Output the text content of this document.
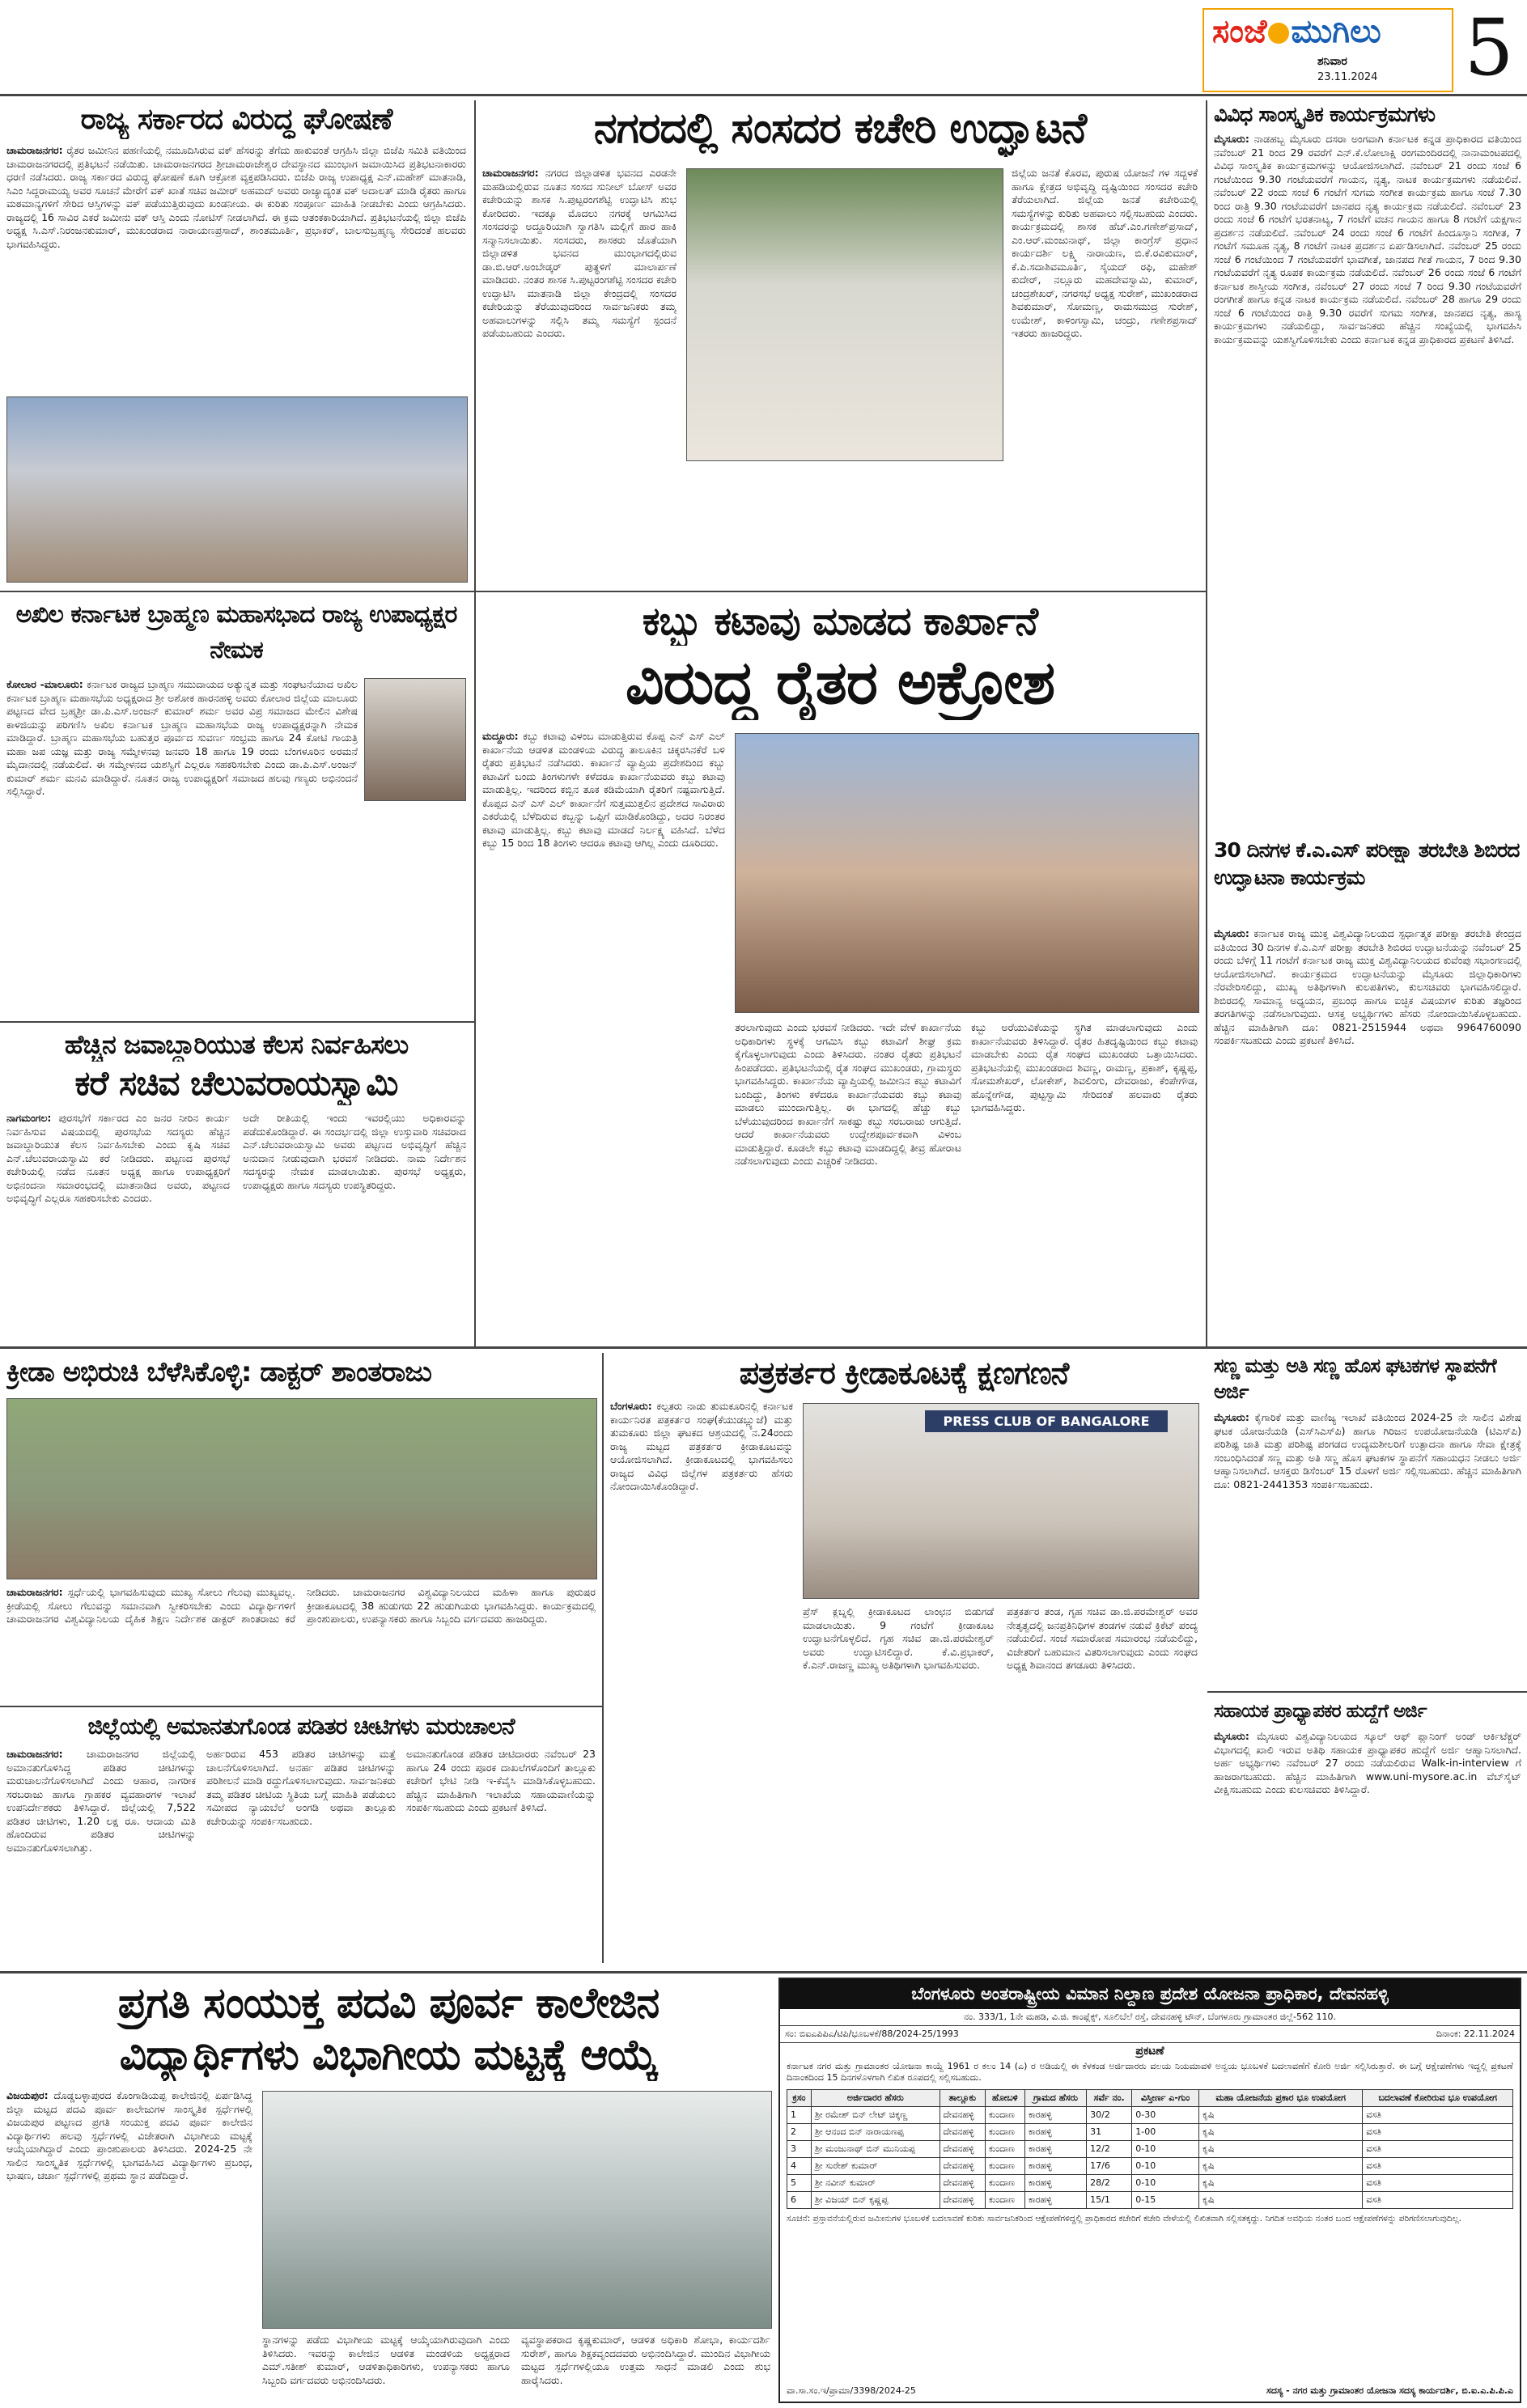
ಸಂಜೆ ಮುಗಿಲು
ಶನಿವಾರ
23.11.2024 5
ರಾಜ್ಯ ಸರ್ಕಾರದ ವಿರುದ್ಧ ಘೋಷಣೆ
ಚಾಮರಾಜನಗರ: ರೈತರ ಜಮೀನಿನ ಪಹಣಿಯಲ್ಲಿ ನಮೂದಿಸಿರುವ ವಕ್ ಹೆಸರನ್ನು ತೆಗೆದು ಹಾಕುವಂತೆ ಆಗ್ರಹಿಸಿ ಜಿಲ್ಲಾ ಬಿಜೆಪಿ ಸಮಿತಿ ವತಿಯಿಂದ ಚಾಮರಾಜನಗರದಲ್ಲಿ ಪ್ರತಿಭಟನೆ ನಡೆಯಿತು. ಚಾಮರಾಜನಗರದ ಶ್ರೀಚಾಮರಾಜೇಶ್ವರ ದೇವಸ್ಥಾನದ ಮುಂಭಾಗ ಜಮಾಯಿಸಿದ ಪ್ರತಿಭಟನಾಕಾರರು ಧರಣಿ ನಡೆಸಿದರು. ರಾಜ್ಯ ಸರ್ಕಾರದ ವಿರುದ್ಧ ಘೋಷಣೆ ಕೂಗಿ ಆಕ್ರೋಶ ವ್ಯಕ್ತಪಡಿಸಿದರು. ಬಿಜೆಪಿ ರಾಜ್ಯ ಉಪಾಧ್ಯಕ್ಷ ಎನ್.ಮಹೇಶ್ ಮಾತನಾಡಿ, ಸಿಎಂ ಸಿದ್ದರಾಮಯ್ಯ ಅವರ ಸೂಚನೆ ಮೇರೆಗೆ ವಕ್ ಖಾತೆ ಸಚಿವ ಜಮೀರ್ ಅಹಮದ್ ಅವರು ರಾಜ್ಯಾದ್ಯಂತ ವಕ್ ಅದಾಲತ್ ಮಾಡಿ ರೈತರು ಹಾಗೂ ಮಠಮಾನ್ಯಗಳಿಗೆ ಸೇರಿದ ಆಸ್ತಿಗಳನ್ನು ವಕ್ ಪಡೆಯುತ್ತಿರುವುದು ಖಂಡನೀಯ. ಈ ಕುರಿತು ಸಂಪೂರ್ಣ ಮಾಹಿತಿ ನೀಡಬೇಕು ಎಂದು ಆಗ್ರಹಿಸಿದರು. ರಾಜ್ಯದಲ್ಲಿ 16 ಸಾವಿರ ಎಕರೆ ಜಮೀನು ವಕ್ ಆಸ್ತಿ ಎಂದು ನೋಟಿಸ್ ನೀಡಲಾಗಿದೆ. ಈ ಕ್ರಮ ಆತಂಕಕಾರಿಯಾಗಿದೆ. ಪ್ರತಿಭಟನೆಯಲ್ಲಿ ಜಿಲ್ಲಾ ಬಿಜೆಪಿ ಅಧ್ಯಕ್ಷ ಸಿ.ಎಸ್.ನಿರಂಜನಕುಮಾರ್, ಮುಖಂಡರಾದ ನಾರಾಯಣಪ್ರಸಾದ್, ಶಾಂತಮೂರ್ತಿ, ಪ್ರಭಾಕರ್, ಬಾಲಸುಬ್ರಹ್ಮಣ್ಯ ಸೇರಿದಂತೆ ಹಲವರು ಭಾಗವಹಿಸಿದ್ದರು.
ನಗರದಲ್ಲಿ ಸಂಸದರ ಕಚೇರಿ ಉದ್ಘಾಟನೆ
ಚಾಮರಾಜನಗರ: ನಗರದ ಜಿಲ್ಲಾಡಳಿತ ಭವನದ ಎರಡನೇ ಮಹಡಿಯಲ್ಲಿರುವ ನೂತನ ಸಂಸದ ಸುನೀಲ್ ಬೋಸ್ ಅವರ ಕಚೇರಿಯನ್ನು ಶಾಸಕ ಸಿ.ಪುಟ್ಟರಂಗಶೆಟ್ಟಿ ಉದ್ಘಾಟಿಸಿ ಶುಭ ಕೋರಿದರು. ಇದಕ್ಕೂ ಮೊದಲು ನಗರಕ್ಕೆ ಆಗಮಿಸಿದ ಸಂಸದರನ್ನು ಅದ್ದೂರಿಯಾಗಿ ಸ್ವಾಗತಿಸಿ ಮಲ್ಲಿಗೆ ಹಾರ ಹಾಕಿ ಸನ್ಮಾನಿಸಲಾಯಿತು. ಸಂಸದರು, ಶಾಸಕರು ಜೊತೆಯಾಗಿ ಜಿಲ್ಲಾಡಳಿತ ಭವನದ ಮುಂಭಾಗದಲ್ಲಿರುವ ಡಾ.ಬಿ.ಆರ್.ಅಂಬೇಡ್ಕರ್ ಪುತ್ಥಳಿಗೆ ಮಾಲಾರ್ಪಣೆ ಮಾಡಿದರು. ನಂತರ ಶಾಸಕ ಸಿ.ಪುಟ್ಟರಂಗಶೆಟ್ಟಿ ಸಂಸದರ ಕಚೇರಿ ಉದ್ಘಾಟಿಸಿ ಮಾತನಾಡಿ ಜಿಲ್ಲಾ ಕೇಂದ್ರದಲ್ಲಿ ಸಂಸದರ ಕಚೇರಿಯನ್ನು ತೆರೆಯುವುದರಿಂದ ಸಾರ್ವಜನಿಕರು ತಮ್ಮ ಅಹವಾಲುಗಳನ್ನು ಸಲ್ಲಿಸಿ ತಮ್ಮ ಸಮಸ್ಯೆಗೆ ಸ್ಪಂದನೆ ಪಡೆಯಬಹುದು ಎಂದರು.
ಜಿಲ್ಲೆಯ ಜನತೆ ಕೊರವ, ಪುರುಷ ಯೋಜನೆ ಗಳ ಸದ್ಬಳಕೆ ಹಾಗೂ ಕ್ಷೇತ್ರದ ಅಭಿವೃದ್ಧಿ ದೃಷ್ಟಿಯಿಂದ ಸಂಸದರ ಕಚೇರಿ ತೆರೆಯಲಾಗಿದೆ. ಜಿಲ್ಲೆಯ ಜನತೆ ಕಚೇರಿಯಲ್ಲಿ ಸಮಸ್ಯೆಗಳನ್ನು ಕುರಿತು ಅಹವಾಲು ಸಲ್ಲಿಸಬಹುದು ಎಂದರು. ಕಾರ್ಯಕ್ರಮದಲ್ಲಿ ಶಾಸಕ ಹೆಚ್.ಎಂ.ಗಣೇಶ್‌ಪ್ರಸಾದ್, ಎಂ.ಆರ್.ಮಂಜುನಾಥ್, ಜಿಲ್ಲಾ ಕಾಂಗ್ರೆಸ್ ಪ್ರಧಾನ ಕಾರ್ಯದರ್ಶಿ ಲಕ್ಷ್ಮಿ ನಾರಾಯಣ, ಬಿ.ಕೆ.ರವಿಕುಮಾರ್, ಕೆ.ಪಿ.ಸದಾಶಿವಮೂರ್ತಿ, ಸೈಯದ್ ರಫಿ, ಮಹೇಶ್ ಕುದೇರ್, ನಲ್ಲೂರು ಮಹದೇವಸ್ವಾಮಿ, ಕುಮಾರ್, ಚಂದ್ರಶೇಖರ್, ನಗರಸಭೆ ಅಧ್ಯಕ್ಷ ಸುರೇಶ್, ಮುಖಂಡರಾದ ಶಿವಕುಮಾರ್, ಸೋಮಣ್ಣ, ರಾಮಸಮುದ್ರ ಸುರೇಶ್, ಉಮೇಶ್, ಕಾಳಿಂಗಸ್ವಾಮಿ, ಚಂದ್ರು, ಗಣೇಶಪ್ರಸಾದ್ ಇತರರು ಹಾಜರಿದ್ದರು.
ವಿವಿಧ ಸಾಂಸ್ಕೃತಿಕ ಕಾರ್ಯಕ್ರಮಗಳು
ಮೈಸೂರು: ನಾಡಹಬ್ಬ ಮೈಸೂರು ದಸರಾ ಅಂಗವಾಗಿ ಕರ್ನಾಟಕ ಕನ್ನಡ ಪ್ರಾಧಿಕಾರದ ವತಿಯಿಂದ ನವೆಂಬರ್ 21 ರಿಂದ 29 ರವರೆಗೆ ಎನ್.ಕೆ.ಲೋಲಾಕ್ಷಿ ರಂಗಮಂದಿರದಲ್ಲಿ ನಾನಾಮಂಟಪದಲ್ಲಿ ವಿವಿಧ ಸಾಂಸ್ಕೃತಿಕ ಕಾರ್ಯಕ್ರಮಗಳನ್ನು ಆಯೋಜಿಸಲಾಗಿದೆ. ನವೆಂಬರ್ 21 ರಂದು ಸಂಜೆ 6 ಗಂಟೆಯಿಂದ 9.30 ಗಂಟೆಯವರೆಗೆ ಗಾಯನ, ನೃತ್ಯ, ನಾಟಕ ಕಾರ್ಯಕ್ರಮಗಳು ನಡೆಯಲಿವೆ. ನವೆಂಬರ್ 22 ರಂದು ಸಂಜೆ 6 ಗಂಟೆಗೆ ಸುಗಮ ಸಂಗೀತ ಕಾರ್ಯಕ್ರಮ ಹಾಗೂ ಸಂಜೆ 7.30 ರಿಂದ ರಾತ್ರಿ 9.30 ಗಂಟೆಯವರೆಗೆ ಜಾನಪದ ನೃತ್ಯ ಕಾರ್ಯಕ್ರಮ ನಡೆಯಲಿದೆ. ನವೆಂಬರ್ 23 ರಂದು ಸಂಜೆ 6 ಗಂಟೆಗೆ ಭರತನಾಟ್ಯ, 7 ಗಂಟೆಗೆ ವಚನ ಗಾಯನ ಹಾಗೂ 8 ಗಂಟೆಗೆ ಯಕ್ಷಗಾನ ಪ್ರದರ್ಶನ ನಡೆಯಲಿದೆ. ನವೆಂಬರ್ 24 ರಂದು ಸಂಜೆ 6 ಗಂಟೆಗೆ ಹಿಂದೂಸ್ತಾನಿ ಸಂಗೀತ, 7 ಗಂಟೆಗೆ ಸಮೂಹ ನೃತ್ಯ, 8 ಗಂಟೆಗೆ ನಾಟಕ ಪ್ರದರ್ಶನ ಏರ್ಪಡಿಸಲಾಗಿದೆ. ನವೆಂಬರ್ 25 ರಂದು ಸಂಜೆ 6 ಗಂಟೆಯಿಂದ 7 ಗಂಟೆಯವರೆಗೆ ಭಾವಗೀತೆ, ಜಾನಪದ ಗೀತೆ ಗಾಯನ, 7 ರಿಂದ 9.30 ಗಂಟೆಯವರೆಗೆ ನೃತ್ಯ ರೂಪಕ ಕಾರ್ಯಕ್ರಮ ನಡೆಯಲಿದೆ. ನವೆಂಬರ್ 26 ರಂದು ಸಂಜೆ 6 ಗಂಟೆಗೆ ಕರ್ನಾಟಕ ಶಾಸ್ತ್ರೀಯ ಸಂಗೀತ, ನವೆಂಬರ್ 27 ರಂದು ಸಂಜೆ 7 ರಿಂದ 9.30 ಗಂಟೆಯವರೆಗೆ ರಂಗಗೀತೆ ಹಾಗೂ ಕನ್ನಡ ನಾಟಕ ಕಾರ್ಯಕ್ರಮ ನಡೆಯಲಿದೆ. ನವೆಂಬರ್ 28 ಹಾಗೂ 29 ರಂದು ಸಂಜೆ 6 ಗಂಟೆಯಿಂದ ರಾತ್ರಿ 9.30 ರವರೆಗೆ ಸುಗಮ ಸಂಗೀತ, ಜಾನಪದ ನೃತ್ಯ, ಹಾಸ್ಯ ಕಾರ್ಯಕ್ರಮಗಳು ನಡೆಯಲಿದ್ದು, ಸಾರ್ವಜನಿಕರು ಹೆಚ್ಚಿನ ಸಂಖ್ಯೆಯಲ್ಲಿ ಭಾಗವಹಿಸಿ ಕಾರ್ಯಕ್ರಮವನ್ನು ಯಶಸ್ವಿಗೊಳಿಸಬೇಕು ಎಂದು ಕರ್ನಾಟಕ ಕನ್ನಡ ಪ್ರಾಧಿಕಾರದ ಪ್ರಕಟಣೆ ತಿಳಿಸಿದೆ.
30 ದಿನಗಳ ಕೆ.ಎ.ಎಸ್ ಪರೀಕ್ಷಾ ತರಬೇತಿ ಶಿಬಿರದ ಉದ್ಘಾಟನಾ ಕಾರ್ಯಕ್ರಮ
ಮೈಸೂರು: ಕರ್ನಾಟಕ ರಾಜ್ಯ ಮುಕ್ತ ವಿಶ್ವವಿದ್ಯಾನಿಲಯದ ಸ್ಪರ್ಧಾತ್ಮಕ ಪರೀಕ್ಷಾ ತರಬೇತಿ ಕೇಂದ್ರದ ವತಿಯಿಂದ 30 ದಿನಗಳ ಕೆ.ಎ.ಎಸ್ ಪರೀಕ್ಷಾ ತರಬೇತಿ ಶಿಬಿರದ ಉದ್ಘಾಟನೆಯನ್ನು ನವೆಂಬರ್ 25 ರಂದು ಬೆಳಿಗ್ಗೆ 11 ಗಂಟೆಗೆ ಕರ್ನಾಟಕ ರಾಜ್ಯ ಮುಕ್ತ ವಿಶ್ವವಿದ್ಯಾನಿಲಯದ ಕುವೆಂಪು ಸಭಾಂಗಣದಲ್ಲಿ ಆಯೋಜಿಸಲಾಗಿದೆ. ಕಾರ್ಯಕ್ರಮದ ಉದ್ಘಾಟನೆಯನ್ನು ಮೈಸೂರು ಜಿಲ್ಲಾಧಿಕಾರಿಗಳು ನೆರವೇರಿಸಲಿದ್ದು, ಮುಖ್ಯ ಅತಿಥಿಗಳಾಗಿ ಕುಲಪತಿಗಳು, ಕುಲಸಚಿವರು ಭಾಗವಹಿಸಲಿದ್ದಾರೆ. ಶಿಬಿರದಲ್ಲಿ ಸಾಮಾನ್ಯ ಅಧ್ಯಯನ, ಪ್ರಬಂಧ ಹಾಗೂ ಐಚ್ಛಿಕ ವಿಷಯಗಳ ಕುರಿತು ತಜ್ಞರಿಂದ ತರಗತಿಗಳನ್ನು ನಡೆಸಲಾಗುವುದು. ಆಸಕ್ತ ಅಭ್ಯರ್ಥಿಗಳು ಹೆಸರು ನೋಂದಾಯಿಸಿಕೊಳ್ಳಬಹುದು. ಹೆಚ್ಚಿನ ಮಾಹಿತಿಗಾಗಿ ದೂ: 0821-2515944 ಅಥವಾ 9964760090 ಸಂಪರ್ಕಿಸಬಹುದು ಎಂದು ಪ್ರಕಟಣೆ ತಿಳಿಸಿದೆ.
ಅಖಿಲ ಕರ್ನಾಟಕ ಬ್ರಾಹ್ಮಣ ಮಹಾಸಭಾದ ರಾಜ್ಯ ಉಪಾಧ್ಯಕ್ಷರ ನೇಮಕ
ಕೋಲಾರ -ಮಾಲೂರು: ಕರ್ನಾಟಕ ರಾಜ್ಯದ ಬ್ರಾಹ್ಮಣ ಸಮುದಾಯದ ಅತ್ಯುನ್ನತ ಮತ್ತು ಸಂಘಟನೆಯಾದ ಅಖಿಲ ಕರ್ನಾಟಕ ಬ್ರಾಹ್ಮಣ ಮಹಾಸಭೆಯ ಅಧ್ಯಕ್ಷರಾದ ಶ್ರೀ ಅಶೋಕ ಹಾರನಹಳ್ಳಿ ಅವರು ಕೋಲಾರ ಜಿಲ್ಲೆಯ ಮಾಲೂರು ಪಟ್ಟಣದ ವೇದ ಬ್ರಹ್ಮಶ್ರೀ ಡಾ.ಪಿ.ಎಸ್.ಅಂಜನ್ ಕುಮಾರ್ ಶರ್ಮ ಅವರ ವಿಪ್ರ ಸಮಾಜದ ಮೇಲಿನ ವಿಶೇಷ ಕಾಳಜಿಯನ್ನು ಪರಿಗಣಿಸಿ ಅಖಿಲ ಕರ್ನಾಟಕ ಬ್ರಾಹ್ಮಣ ಮಹಾಸಭೆಯ ರಾಜ್ಯ ಉಪಾಧ್ಯಕ್ಷರನ್ನಾಗಿ ನೇಮಕ ಮಾಡಿದ್ದಾರೆ. ಬ್ರಾಹ್ಮಣ ಮಹಾಸಭೆಯ ಬಹುತ್ತರ ಪೂರ್ವದ ಸುವರ್ಣ ಸಂಭ್ರಮ ಹಾಗೂ 24 ಕೋಟಿ ಗಾಯತ್ರಿ ಮಹಾ ಜಪ ಯಜ್ಞ ಮತ್ತು ರಾಜ್ಯ ಸಮ್ಮೇಳನವು ಜನವರಿ 18 ಹಾಗೂ 19 ರಂದು ಬೆಂಗಳೂರಿನ ಅರಮನೆ ಮೈದಾನದಲ್ಲಿ ನಡೆಯಲಿದೆ. ಈ ಸಮ್ಮೇಳನದ ಯಶಸ್ವಿಗೆ ಎಲ್ಲರೂ ಸಹಕರಿಸಬೇಕು ಎಂದು ಡಾ.ಪಿ.ಎಸ್.ಅಂಜನ್ ಕುಮಾರ್ ಶರ್ಮ ಮನವಿ ಮಾಡಿದ್ದಾರೆ. ನೂತನ ರಾಜ್ಯ ಉಪಾಧ್ಯಕ್ಷರಿಗೆ ಸಮಾಜದ ಹಲವು ಗಣ್ಯರು ಅಭಿನಂದನೆ ಸಲ್ಲಿಸಿದ್ದಾರೆ.
ಕಬ್ಬು ಕಟಾವು ಮಾಡದ ಕಾರ್ಖಾನೆ
ವಿರುದ್ಧ ರೈತರ ಅಕ್ರೋಶ
ಮದ್ದೂರು: ಕಬ್ಬು ಕಟಾವು ವಿಳಂಬ ಮಾಡುತ್ತಿರುವ ಕೊಪ್ಪ ಎನ್ ಎಸ್ ಎಲ್ ಕಾರ್ಖಾನೆಯ ಆಡಳಿತ ಮಂಡಳಿಯ ವಿರುದ್ಧ ತಾಲೂಕಿನ ಚಿಕ್ಕರಸಿನಕೆರೆ ಬಳಿ ರೈತರು ಪ್ರತಿಭಟನೆ ನಡೆಸಿದರು. ಕಾರ್ಖಾನೆ ವ್ಯಾಪ್ತಿಯ ಪ್ರದೇಶದಿಂದ ಕಬ್ಬು ಕಟಾವಿಗೆ ಬಂದು ತಿಂಗಳುಗಳೇ ಕಳೆದರೂ ಕಾರ್ಖಾನೆಯವರು ಕಬ್ಬು ಕಟಾವು ಮಾಡುತ್ತಿಲ್ಲ. ಇದರಿಂದ ಕಬ್ಬಿನ ತೂಕ ಕಡಿಮೆಯಾಗಿ ರೈತರಿಗೆ ನಷ್ಟವಾಗುತ್ತಿದೆ. ಕೊಪ್ಪದ ಎನ್ ಎಸ್ ಎಲ್ ಕಾರ್ಖಾನೆಗೆ ಸುತ್ತಮುತ್ತಲಿನ ಪ್ರದೇಶದ ಸಾವಿರಾರು ಎಕರೆಯಲ್ಲಿ ಬೆಳೆದಿರುವ ಕಬ್ಬನ್ನು ಒಪ್ಪಿಗೆ ಮಾಡಿಕೊಂಡಿದ್ದು, ಅದರ ನಿರಂತರ ಕಟಾವು ಮಾಡುತ್ತಿಲ್ಲ. ಕಬ್ಬು ಕಟಾವು ಮಾಡದೆ ನಿರ್ಲಕ್ಷ್ಯ ವಹಿಸಿದೆ. ಬೆಳೆದ ಕಬ್ಬು 15 ರಿಂದ 18 ತಿಂಗಳು ಆದರೂ ಕಟಾವು ಆಗಿಲ್ಲ ಎಂದು ದೂರಿದರು.
ತರಲಾಗುವುದು ಎಂದು ಭರವಸೆ ನೀಡಿದರು. ಇದೇ ವೇಳೆ ಕಾರ್ಖಾನೆಯ ಅಧಿಕಾರಿಗಳು ಸ್ಥಳಕ್ಕೆ ಆಗಮಿಸಿ ಕಬ್ಬು ಕಟಾವಿಗೆ ಶೀಘ್ರ ಕ್ರಮ ಕೈಗೊಳ್ಳಲಾಗುವುದು ಎಂದು ತಿಳಿಸಿದರು. ನಂತರ ರೈತರು ಪ್ರತಿಭಟನೆ ಹಿಂಪಡೆದರು. ಪ್ರತಿಭಟನೆಯಲ್ಲಿ ರೈತ ಸಂಘದ ಮುಖಂಡರು, ಗ್ರಾಮಸ್ಥರು ಭಾಗವಹಿಸಿದ್ದರು. ಕಾರ್ಖಾನೆಯ ವ್ಯಾಪ್ತಿಯಲ್ಲಿ ಜಮೀನಿನ ಕಬ್ಬು ಕಟಾವಿಗೆ ಬಂದಿದ್ದು, ತಿಂಗಳು ಕಳೆದರೂ ಕಾರ್ಖಾನೆಯವರು ಕಬ್ಬು ಕಟಾವು ಮಾಡಲು ಮುಂದಾಗುತ್ತಿಲ್ಲ. ಈ ಭಾಗದಲ್ಲಿ ಹೆಚ್ಚು ಕಬ್ಬು ಬೆಳೆಯುವುದರಿಂದ ಕಾರ್ಖಾನೆಗೆ ಸಾಕಷ್ಟು ಕಬ್ಬು ಸರಬರಾಜು ಆಗುತ್ತಿದೆ. ಆದರೆ ಕಾರ್ಖಾನೆಯವರು ಉದ್ದೇಶಪೂರ್ವಕವಾಗಿ ವಿಳಂಬ ಮಾಡುತ್ತಿದ್ದಾರೆ. ಕೂಡಲೇ ಕಬ್ಬು ಕಟಾವು ಮಾಡದಿದ್ದಲ್ಲಿ ತೀವ್ರ ಹೋರಾಟ ನಡೆಸಲಾಗುವುದು ಎಂದು ಎಚ್ಚರಿಕೆ ನೀಡಿದರು.
ಕಬ್ಬು ಅರೆಯುವಿಕೆಯನ್ನು ಸ್ಥಗಿತ ಮಾಡಲಾಗುವುದು ಎಂದು ಕಾರ್ಖಾನೆಯವರು ತಿಳಿಸಿದ್ದಾರೆ. ರೈತರ ಹಿತದೃಷ್ಟಿಯಿಂದ ಕಬ್ಬು ಕಟಾವು ಮಾಡಬೇಕು ಎಂದು ರೈತ ಸಂಘದ ಮುಖಂಡರು ಒತ್ತಾಯಿಸಿದರು. ಪ್ರತಿಭಟನೆಯಲ್ಲಿ ಮುಖಂಡರಾದ ಶಿವಣ್ಣ, ರಾಮಣ್ಣ, ಪ್ರಕಾಶ್, ಕೃಷ್ಣಪ್ಪ, ಸೋಮಶೇಖರ್, ಲೋಕೇಶ್, ಶಿವಲಿಂಗು, ದೇವರಾಜು, ಕೆಂಪೇಗೌಡ, ಹೊನ್ನೇಗೌಡ, ಪುಟ್ಟಸ್ವಾಮಿ ಸೇರಿದಂತೆ ಹಲವಾರು ರೈತರು ಭಾಗವಹಿಸಿದ್ದರು.
ಹೆಚ್ಚಿನ ಜವಾಬ್ದಾರಿಯುತ ಕೆಲಸ ನಿರ್ವಹಿಸಲು
ಕರೆ ಸಚಿವ ಚೆಲುವರಾಯಸ್ವಾಮಿ
ನಾಗಮಂಗಲ: ಪುರಸಭೆಗೆ ಸರ್ಕಾರದ ಎಂ ಜನರ ನೀರಿನ ಕಾರ್ಯ ನಿರ್ವಹಿಸುವ ವಿಷಯದಲ್ಲಿ ಪುರಸಭೆಯ ಸದಸ್ಯರು ಹೆಚ್ಚಿನ ಜವಾಬ್ದಾರಿಯುತ ಕೆಲಸ ನಿರ್ವಹಿಸಬೇಕು ಎಂದು ಕೃಷಿ ಸಚಿವ ಎನ್.ಚೆಲುವರಾಯಸ್ವಾಮಿ ಕರೆ ನೀಡಿದರು. ಪಟ್ಟಣದ ಪುರಸಭೆ ಕಚೇರಿಯಲ್ಲಿ ನಡೆದ ನೂತನ ಅಧ್ಯಕ್ಷ ಹಾಗೂ ಉಪಾಧ್ಯಕ್ಷರಿಗೆ ಅಭಿನಂದನಾ ಸಮಾರಂಭದಲ್ಲಿ ಮಾತನಾಡಿದ ಅವರು, ಪಟ್ಟಣದ ಅಭಿವೃದ್ಧಿಗೆ ಎಲ್ಲರೂ ಸಹಕರಿಸಬೇಕು ಎಂದರು.
ಅದೇ ರೀತಿಯಲ್ಲಿ ಇಂದು ಇವರಲ್ಲಿಯು ಅಧಿಕಾರವನ್ನು ಪಡೆದುಕೊಂಡಿದ್ದಾರೆ. ಈ ಸಂದರ್ಭದಲ್ಲಿ ಜಿಲ್ಲಾ ಉಸ್ತುವಾರಿ ಸಚಿವರಾದ ಎನ್.ಚೆಲುವರಾಯಸ್ವಾಮಿ ಅವರು ಪಟ್ಟಣದ ಅಭಿವೃದ್ಧಿಗೆ ಹೆಚ್ಚಿನ ಅನುದಾನ ನೀಡುವುದಾಗಿ ಭರವಸೆ ನೀಡಿದರು. ನಾಮ ನಿರ್ದೇಶನ ಸದಸ್ಯರನ್ನು ನೇಮಕ ಮಾಡಲಾಯಿತು. ಪುರಸಭೆ ಅಧ್ಯಕ್ಷರು, ಉಪಾಧ್ಯಕ್ಷರು ಹಾಗೂ ಸದಸ್ಯರು ಉಪಸ್ಥಿತರಿದ್ದರು.
ಕ್ರೀಡಾ ಅಭಿರುಚಿ ಬೆಳೆಸಿಕೊಳ್ಳಿ: ಡಾಕ್ಟರ್ ಶಾಂತರಾಜು
ಚಾಮರಾಜನಗರ: ಸ್ಪರ್ಧೆಯಲ್ಲಿ ಭಾಗವಹಿಸುವುದು ಮುಖ್ಯ ಸೋಲು ಗೆಲುವು ಮುಖ್ಯವಲ್ಲ. ಕ್ರೀಡೆಯಲ್ಲಿ ಸೋಲು ಗೆಲುವನ್ನು ಸಮಾನವಾಗಿ ಸ್ವೀಕರಿಸಬೇಕು ಎಂದು ವಿದ್ಯಾರ್ಥಿಗಳಿಗೆ ಚಾಮರಾಜನಗರ ವಿಶ್ವವಿದ್ಯಾನಿಲಯ ದೈಹಿಕ ಶಿಕ್ಷಣ ನಿರ್ದೇಶಕ ಡಾಕ್ಟರ್ ಶಾಂತರಾಜು ಕರೆ ನೀಡಿದರು. ಚಾಮರಾಜನಗರ ವಿಶ್ವವಿದ್ಯಾನಿಲಯದ ಮಹಿಳಾ ಹಾಗೂ ಪುರುಷರ ಕ್ರೀಡಾಕೂಟದಲ್ಲಿ 38 ಹುಡುಗರು 22 ಹುಡುಗಿಯರು ಭಾಗವಹಿಸಿದ್ದರು. ಕಾರ್ಯಕ್ರಮದಲ್ಲಿ ಪ್ರಾಂಶುಪಾಲರು, ಉಪನ್ಯಾಸಕರು ಹಾಗೂ ಸಿಬ್ಬಂದಿ ವರ್ಗದವರು ಹಾಜರಿದ್ದರು.
ಪತ್ರಕರ್ತರ ಕ್ರೀಡಾಕೂಟಕ್ಕೆ ಕ್ಷಣಗಣನೆ
ಬೆಂಗಳೂರು: ಕಲ್ಪತರು ನಾಡು ತುಮಕೂರಿನಲ್ಲಿ ಕರ್ನಾಟಕ ಕಾರ್ಯನಿರತ ಪತ್ರಕರ್ತರ ಸಂಘ(ಕೆಯುಡಬ್ಲ್ಯುಜೆ) ಮತ್ತು ತುಮಕೂರು ಜಿಲ್ಲಾ ಘಟಕದ ಆಶ್ರಯದಲ್ಲಿ ನ.24ರಂದು ರಾಜ್ಯ ಮಟ್ಟದ ಪತ್ರಕರ್ತರ ಕ್ರೀಡಾಕೂಟವನ್ನು ಆಯೋಜಿಸಲಾಗಿದೆ. ಕ್ರೀಡಾಕೂಟದಲ್ಲಿ ಭಾಗವಹಿಸಲು ರಾಜ್ಯದ ವಿವಿಧ ಜಿಲ್ಲೆಗಳ ಪತ್ರಕರ್ತರು ಹೆಸರು ನೋಂದಾಯಿಸಿಕೊಂಡಿದ್ದಾರೆ.
PRESS CLUB OF BANGALORE
ಪ್ರೆಸ್ ಕ್ಲಬ್ನಲ್ಲಿ ಕ್ರೀಡಾಕೂಟದ ಲಾಂಛನ ಬಿಡುಗಡೆ ಮಾಡಲಾಯಿತು. 9 ಗಂಟೆಗೆ ಕ್ರೀಡಾಕೂಟ ಉದ್ಘಾಟನೆಗೊಳ್ಳಲಿದೆ. ಗೃಹ ಸಚಿವ ಡಾ.ಜಿ.ಪರಮೇಶ್ವರ್ ಅವರು ಉದ್ಘಾಟಿಸಲಿದ್ದಾರೆ. ಕೆ.ವಿ.ಪ್ರಭಾಕರ್, ಕೆ.ಎನ್.ರಾಜಣ್ಣ ಮುಖ್ಯ ಅತಿಥಿಗಳಾಗಿ ಭಾಗವಹಿಸುವರು.
ಪತ್ರಕರ್ತರ ತಂಡ, ಗೃಹ ಸಚಿವ ಡಾ.ಜಿ.ಪರಮೇಶ್ವರ್ ಅವರ ನೇತೃತ್ವದಲ್ಲಿ ಜನಪ್ರತಿನಿಧಿಗಳ ತಂಡಗಳ ನಡುವೆ ಕ್ರಿಕೆಟ್ ಪಂದ್ಯ ನಡೆಯಲಿದೆ. ಸಂಜೆ ಸಮಾರೋಪ ಸಮಾರಂಭ ನಡೆಯಲಿದ್ದು, ವಿಜೇತರಿಗೆ ಬಹುಮಾನ ವಿತರಿಸಲಾಗುವುದು ಎಂದು ಸಂಘದ ಅಧ್ಯಕ್ಷ ಶಿವಾನಂದ ತಗಡೂರು ತಿಳಿಸಿದರು.
ಜಿಲ್ಲೆಯಲ್ಲಿ ಅಮಾನತುಗೊಂಡ ಪಡಿತರ ಚೀಟಿಗಳು ಮರುಚಾಲನೆ
ಚಾಮರಾಜನಗರ: ಚಾಮರಾಜನಗರ ಜಿಲ್ಲೆಯಲ್ಲಿ ಅಮಾನತುಗೊಳಿಸಿದ್ದ ಪಡಿತರ ಚೀಟಿಗಳನ್ನು ಮರುಚಾಲನೆಗೊಳಿಸಲಾಗಿದೆ ಎಂದು ಆಹಾರ, ನಾಗರೀಕ ಸರಬರಾಜು ಹಾಗೂ ಗ್ರಾಹಕರ ವ್ಯವಹಾರಗಳ ಇಲಾಖೆ ಉಪನಿರ್ದೇಶಕರು ತಿಳಿಸಿದ್ದಾರೆ. ಜಿಲ್ಲೆಯಲ್ಲಿ 7,522 ಪಡಿತರ ಚೀಟಿಗಳು, 1.20 ಲಕ್ಷ ರೂ. ಆದಾಯ ಮಿತಿ ಹೊಂದಿರುವ ಪಡಿತರ ಚೀಟಿಗಳನ್ನು ಅಮಾನತುಗೊಳಿಸಲಾಗಿತ್ತು.
ಅರ್ಹರಿರುವ 453 ಪಡಿತರ ಚೀಟಿಗಳನ್ನು ಮತ್ತೆ ಚಾಲನೆಗೊಳಿಸಲಾಗಿದೆ. ಅನರ್ಹ ಪಡಿತರ ಚೀಟಿಗಳನ್ನು ಪರಿಶೀಲನೆ ಮಾಡಿ ರದ್ದುಗೊಳಿಸಲಾಗುವುದು. ಸಾರ್ವಜನಿಕರು ತಮ್ಮ ಪಡಿತರ ಚೀಟಿಯ ಸ್ಥಿತಿಯ ಬಗ್ಗೆ ಮಾಹಿತಿ ಪಡೆಯಲು ಸಮೀಪದ ನ್ಯಾಯಬೆಲೆ ಅಂಗಡಿ ಅಥವಾ ತಾಲ್ಲೂಕು ಕಚೇರಿಯನ್ನು ಸಂಪರ್ಕಿಸಬಹುದು.
ಅಮಾನತುಗೊಂಡ ಪಡಿತರ ಚೀಟಿದಾರರು ನವೆಂಬರ್ 23 ಹಾಗೂ 24 ರಂದು ಪೂರಕ ದಾಖಲೆಗಳೊಂದಿಗೆ ತಾಲ್ಲೂಕು ಕಚೇರಿಗೆ ಭೇಟಿ ನೀಡಿ ಇ-ಕೆವೈಸಿ ಮಾಡಿಸಿಕೊಳ್ಳಬಹುದು. ಹೆಚ್ಚಿನ ಮಾಹಿತಿಗಾಗಿ ಇಲಾಖೆಯ ಸಹಾಯವಾಣಿಯನ್ನು ಸಂಪರ್ಕಿಸಬಹುದು ಎಂದು ಪ್ರಕಟಣೆ ತಿಳಿಸಿದೆ.
ಸಣ್ಣ ಮತ್ತು ಅತಿ ಸಣ್ಣ ಹೊಸ ಘಟಕಗಳ ಸ್ಥಾಪನೆಗೆ ಅರ್ಜಿ
ಮೈಸೂರು: ಕೈಗಾರಿಕೆ ಮತ್ತು ವಾಣಿಜ್ಯ ಇಲಾಖೆ ವತಿಯಿಂದ 2024-25 ನೇ ಸಾಲಿನ ವಿಶೇಷ ಘಟಕ ಯೋಜನೆಯಡಿ (ಎಸ್‌ಸಿಎಸ್‌ಪಿ) ಹಾಗೂ ಗಿರಿಜನ ಉಪಯೋಜನೆಯಡಿ (ಟಿಎಸ್‌ಪಿ) ಪರಿಶಿಷ್ಟ ಜಾತಿ ಮತ್ತು ಪರಿಶಿಷ್ಟ ಪಂಗಡದ ಉದ್ಯಮಶೀಲರಿಗೆ ಉತ್ಪಾದನಾ ಹಾಗೂ ಸೇವಾ ಕ್ಷೇತ್ರಕ್ಕೆ ಸಂಬಂಧಿಸಿದಂತೆ ಸಣ್ಣ ಮತ್ತು ಅತಿ ಸಣ್ಣ ಹೊಸ ಘಟಕಗಳ ಸ್ಥಾಪನೆಗೆ ಸಹಾಯಧನ ನೀಡಲು ಅರ್ಜಿ ಆಹ್ವಾನಿಸಲಾಗಿದೆ. ಆಸಕ್ತರು ಡಿಸೆಂಬರ್ 15 ರೊಳಗೆ ಅರ್ಜಿ ಸಲ್ಲಿಸಬಹುದು. ಹೆಚ್ಚಿನ ಮಾಹಿತಿಗಾಗಿ ದೂ: 0821-2441353 ಸಂಪರ್ಕಿಸಬಹುದು.
ಸಹಾಯಕ ಪ್ರಾಧ್ಯಾಪಕರ ಹುದ್ದೆಗೆ ಅರ್ಜಿ
ಮೈಸೂರು: ಮೈಸೂರು ವಿಶ್ವವಿದ್ಯಾನಿಲಯದ ಸ್ಕೂಲ್ ಆಫ್ ಪ್ಲಾನಿಂಗ್ ಅಂಡ್ ಆರ್ಕಿಟೆಕ್ಚರ್ ವಿಭಾಗದಲ್ಲಿ ಖಾಲಿ ಇರುವ ಅತಿಥಿ ಸಹಾಯಕ ಪ್ರಾಧ್ಯಾಪಕರ ಹುದ್ದೆಗೆ ಅರ್ಜಿ ಆಹ್ವಾನಿಸಲಾಗಿದೆ. ಅರ್ಹ ಅಭ್ಯರ್ಥಿಗಳು ನವೆಂಬರ್ 27 ರಂದು ನಡೆಯಲಿರುವ Walk-in-interview ಗೆ ಹಾಜರಾಗಬಹುದು. ಹೆಚ್ಚಿನ ಮಾಹಿತಿಗಾಗಿ www.uni-mysore.ac.in ವೆಬ್‌ಸೈಟ್ ವೀಕ್ಷಿಸಬಹುದು ಎಂದು ಕುಲಸಚಿವರು ತಿಳಿಸಿದ್ದಾರೆ.
ಪ್ರಗತಿ ಸಂಯುಕ್ತ ಪದವಿ ಪೂರ್ವ ಕಾಲೇಜಿನ
ವಿದ್ಯಾರ್ಥಿಗಳು ವಿಭಾಗೀಯ ಮಟ್ಟಕ್ಕೆ ಆಯ್ಕೆ
ವಿಜಯಪುರ: ದೊಡ್ಡಬಳ್ಳಾಪುರದ ಕೊಂಗಾಡಿಯಪ್ಪ ಕಾಲೇಜಿನಲ್ಲಿ ಏರ್ಪಡಿಸಿದ್ದ ಜಿಲ್ಲಾ ಮಟ್ಟದ ಪದವಿ ಪೂರ್ವ ಕಾಲೇಜುಗಳ ಸಾಂಸ್ಕೃತಿಕ ಸ್ಪರ್ಧೆಗಳಲ್ಲಿ ವಿಜಯಪುರ ಪಟ್ಟಣದ ಪ್ರಗತಿ ಸಂಯುಕ್ತ ಪದವಿ ಪೂರ್ವ ಕಾಲೇಜಿನ ವಿದ್ಯಾರ್ಥಿಗಳು ಹಲವು ಸ್ಪರ್ಧೆಗಳಲ್ಲಿ ವಿಜೇತರಾಗಿ ವಿಭಾಗೀಯ ಮಟ್ಟಕ್ಕೆ ಆಯ್ಕೆಯಾಗಿದ್ದಾರೆ ಎಂದು ಪ್ರಾಂಶುಪಾಲರು ತಿಳಿಸಿದರು. 2024-25 ನೇ ಸಾಲಿನ ಸಾಂಸ್ಕೃತಿಕ ಸ್ಪರ್ಧೆಗಳಲ್ಲಿ ಭಾಗವಹಿಸಿದ ವಿದ್ಯಾರ್ಥಿಗಳು ಪ್ರಬಂಧ, ಭಾಷಣ, ಚರ್ಚಾ ಸ್ಪರ್ಧೆಗಳಲ್ಲಿ ಪ್ರಥಮ ಸ್ಥಾನ ಪಡೆದಿದ್ದಾರೆ.
ಸ್ಥಾನಗಳನ್ನು ಪಡೆದು ವಿಭಾಗೀಯ ಮಟ್ಟಕ್ಕೆ ಆಯ್ಕೆಯಾಗಿರುವುದಾಗಿ ಎಂದು ತಿಳಿಸಿದರು. ಇವರನ್ನು ಕಾಲೇಜಿನ ಆಡಳಿತ ಮಂಡಳಿಯ ಅಧ್ಯಕ್ಷರಾದ ಎಮ್.ಸತೀಶ್ ಕುಮಾರ್, ಆಡಳಿತಾಧಿಕಾರಿಗಳು, ಉಪನ್ಯಾಸಕರು ಹಾಗೂ ಸಿಬ್ಬಂದಿ ವರ್ಗದವರು ಅಭಿನಂದಿಸಿದರು.
ವ್ಯವಸ್ಥಾಪಕರಾದ ಕೃಷ್ಣಕುಮಾರ್, ಆಡಳಿತ ಅಧಿಕಾರಿ ಶೋಭಾ, ಕಾರ್ಯದರ್ಶಿ ಸುರೇಶ್, ಹಾಗೂ ಶಿಕ್ಷಕವೃಂದದವರು ಅಭಿನಂದಿಸಿದ್ದಾರೆ. ಮುಂದಿನ ವಿಭಾಗೀಯ ಮಟ್ಟದ ಸ್ಪರ್ಧೆಗಳಲ್ಲಿಯೂ ಉತ್ತಮ ಸಾಧನೆ ಮಾಡಲಿ ಎಂದು ಶುಭ ಹಾರೈಸಿದರು.
ಬೆಂಗಳೂರು ಅಂತರಾಷ್ಟ್ರೀಯ ವಿಮಾನ ನಿಲ್ದಾಣ ಪ್ರದೇಶ ಯೋಜನಾ ಪ್ರಾಧಿಕಾರ, ದೇವನಹಳ್ಳಿ
ನಂ. 333/1, 1ನೇ ಮಹಡಿ, ವಿ.ಜಿ. ಕಾಂಪ್ಲೆಕ್ಸ್, ಸೂಲಿಬೆಲೆ ರಸ್ತೆ, ದೇವನಹಳ್ಳಿ ಟೌನ್, ಬೆಂಗಳೂರು ಗ್ರಾಮಾಂತರ ಜಿಲ್ಲೆ-562 110.
ಸಂ: ಬಿಐಎಪಿಪಿಎ/ಟಿಪಿ/ಭೂಬಳಕೆ/88/2024-25/1993	ದಿನಾಂಕ: 22.11.2024
ಪ್ರಕಟಣೆ
ಕರ್ನಾಟಕ ನಗರ ಮತ್ತು ಗ್ರಾಮಾಂತರ ಯೋಜನಾ ಕಾಯ್ದೆ 1961 ರ ಕಲಂ 14 (ಎ) ರ ಅಡಿಯಲ್ಲಿ ಈ ಕೆಳಕಂಡ ಅರ್ಜಿದಾರರು ವಲಯ ನಿಯಮಾವಳಿ ಅನ್ವಯ ಭೂಬಳಕೆ ಬದಲಾವಣೆಗೆ ಕೋರಿ ಅರ್ಜಿ ಸಲ್ಲಿಸಿರುತ್ತಾರೆ. ಈ ಬಗ್ಗೆ ಆಕ್ಷೇಪಣೆಗಳು ಇದ್ದಲ್ಲಿ ಪ್ರಕಟಣೆ ದಿನಾಂಕದಿಂದ 15 ದಿನಗಳೊಳಗಾಗಿ ಲಿಖಿತ ರೂಪದಲ್ಲಿ ಸಲ್ಲಿಸಬಹುದು.
ಕ್ರಸಂ	ಅರ್ಜಿದಾರರ ಹೆಸರು	ತಾಲ್ಲೂಕು	ಹೋಬಳಿ	ಗ್ರಾಮದ ಹೆಸರು	ಸರ್ವೆ ನಂ.	ವಿಸ್ತೀರ್ಣ ಎ-ಗುಂ	ಮಹಾ ಯೋಜನೆಯ ಪ್ರಕಾರ ಭೂ ಉಪಯೋಗ	ಬದಲಾವಣೆ ಕೋರಿರುವ ಭೂ ಉಪಯೋಗ
1	ಶ್ರೀ ರಮೇಶ್ ಬಿನ್ ಲೇಟ್ ಚಿಕ್ಕಣ್ಣ	ದೇವನಹಳ್ಳಿ	ಕುಂದಾಣ	ಕಾರಹಳ್ಳಿ	30/2	0-30	ಕೃಷಿ	ವಸತಿ
2	ಶ್ರೀ ಆನಂದ ಬಿನ್ ನಾರಾಯಣಪ್ಪ	ದೇವನಹಳ್ಳಿ	ಕುಂದಾಣ	ಕಾರಹಳ್ಳಿ	31	1-00	ಕೃಷಿ	ವಸತಿ
3	ಶ್ರೀ ಮಂಜುನಾಥ್ ಬಿನ್ ಮುನಿಯಪ್ಪ	ದೇವನಹಳ್ಳಿ	ಕುಂದಾಣ	ಕಾರಹಳ್ಳಿ	12/2	0-10	ಕೃಷಿ	ವಸತಿ
4	ಶ್ರೀ ಸುರೇಶ್ ಕುಮಾರ್	ದೇವನಹಳ್ಳಿ	ಕುಂದಾಣ	ಕಾರಹಳ್ಳಿ	17/6	0-10	ಕೃಷಿ	ವಸತಿ
5	ಶ್ರೀ ನವೀನ್ ಕುಮಾರ್	ದೇವನಹಳ್ಳಿ	ಕುಂದಾಣ	ಕಾರಹಳ್ಳಿ	28/2	0-10	ಕೃಷಿ	ವಸತಿ
6	ಶ್ರೀ ವಿಜಯ್ ಬಿನ್ ಕೃಷ್ಣಪ್ಪ	ದೇವನಹಳ್ಳಿ	ಕುಂದಾಣ	ಕಾರಹಳ್ಳಿ	15/1	0-15	ಕೃಷಿ	ವಸತಿ
ಸೂಚನೆ: ಪ್ರಸ್ತಾವನೆಯಲ್ಲಿರುವ ಜಮೀನುಗಳ ಭೂಬಳಕೆ ಬದಲಾವಣೆ ಕುರಿತು ಸಾರ್ವಜನಿಕರಿಂದ ಆಕ್ಷೇಪಣೆಗಳಿದ್ದಲ್ಲಿ ಪ್ರಾಧಿಕಾರದ ಕಚೇರಿಗೆ ಕಚೇರಿ ವೇಳೆಯಲ್ಲಿ ಲಿಖಿತವಾಗಿ ಸಲ್ಲಿಸತಕ್ಕದ್ದು. ನಿಗದಿತ ಅವಧಿಯ ನಂತರ ಬಂದ ಆಕ್ಷೇಪಣೆಗಳನ್ನು ಪರಿಗಣಿಸಲಾಗುವುದಿಲ್ಲ.
ವಾ.ಸಾ.ಸಂ.ಇ/ಪ್ರಾಮಾ/3398/2024-25	ಸದಸ್ಯ - ನಗರ ಮತ್ತು ಗ್ರಾಮಾಂತರ ಯೋಜನಾ ಸದಸ್ಯ ಕಾರ್ಯದರ್ಶಿ, ಬಿ.ಐ.ಎ.ಪಿ.ಪಿ.ಎ
